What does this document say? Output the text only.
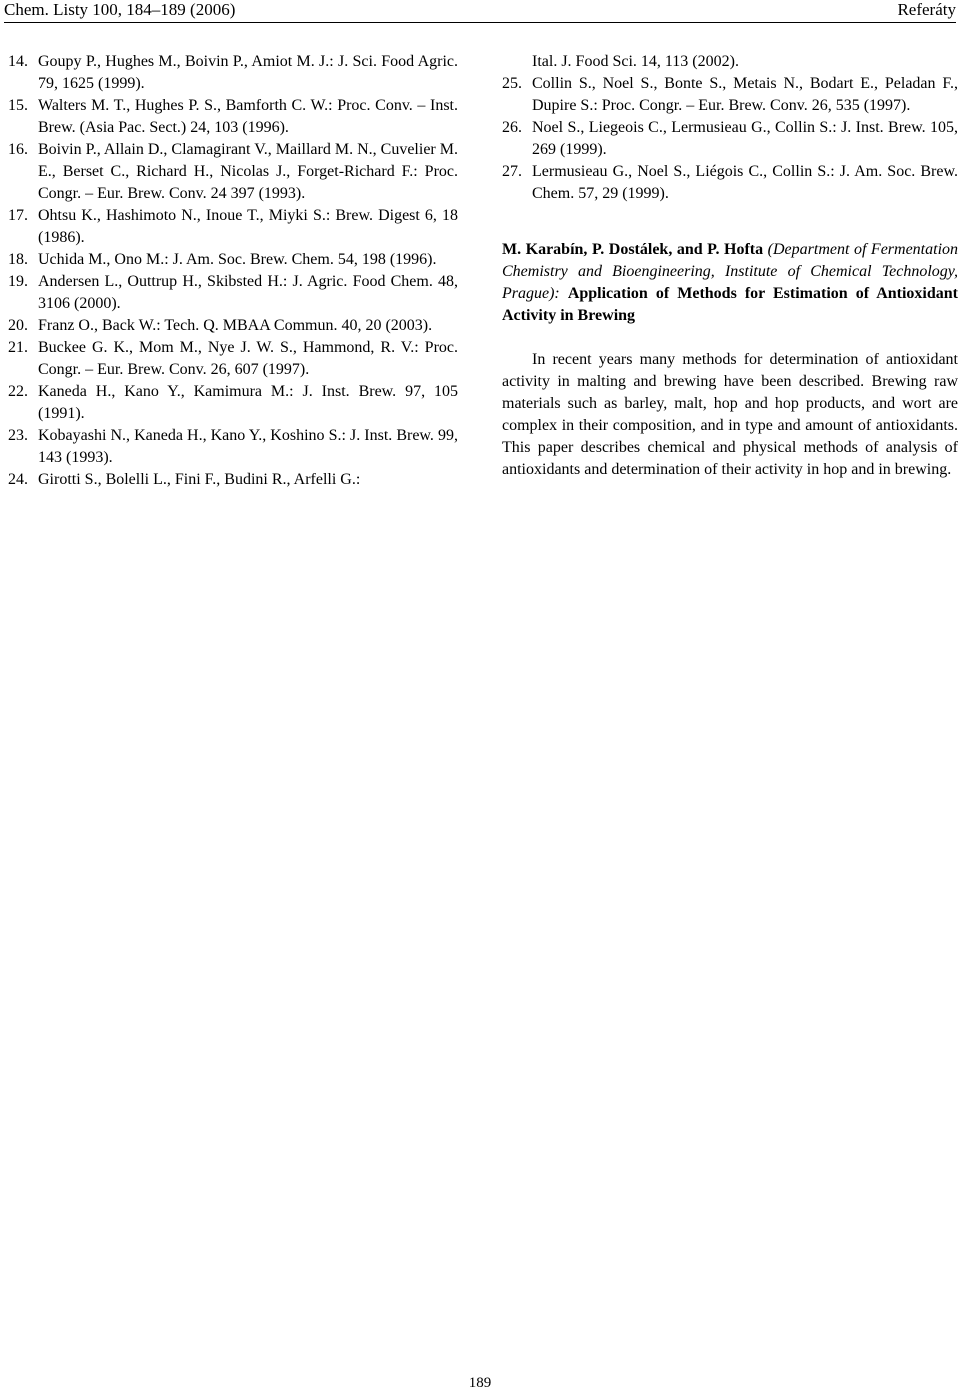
Chem. Listy 100, 184–189 (2006)	Referáty
14. Goupy P., Hughes M., Boivin P., Amiot M. J.: J. Sci. Food Agric. 79, 1625 (1999).
15. Walters M. T., Hughes P. S., Bamforth C. W.: Proc. Conv. – Inst. Brew. (Asia Pac. Sect.) 24, 103 (1996).
16. Boivin P., Allain D., Clamagirant V., Maillard M. N., Cuvelier M. E., Berset C., Richard H., Nicolas J., Forget-Richard F.: Proc. Congr. – Eur. Brew. Conv. 24 397 (1993).
17. Ohtsu K., Hashimoto N., Inoue T., Miyki S.: Brew. Digest 6, 18 (1986).
18. Uchida M., Ono M.: J. Am. Soc. Brew. Chem. 54, 198 (1996).
19. Andersen L., Outtrup H., Skibsted H.: J. Agric. Food Chem. 48, 3106 (2000).
20. Franz O., Back W.: Tech. Q. MBAA Commun. 40, 20 (2003).
21. Buckee G. K., Mom M., Nye J. W. S., Hammond, R. V.: Proc. Congr. – Eur. Brew. Conv. 26, 607 (1997).
22. Kaneda H., Kano Y., Kamimura M.: J. Inst. Brew. 97, 105 (1991).
23. Kobayashi N., Kaneda H., Kano Y., Koshino S.: J. Inst. Brew. 99, 143 (1993).
24. Girotti S., Bolelli L., Fini F., Budini R., Arfelli G.:
Ital. J. Food Sci. 14, 113 (2002).
25. Collin S., Noel S., Bonte S., Metais N., Bodart E., Peladan F., Dupire S.: Proc. Congr. – Eur. Brew. Conv. 26, 535 (1997).
26. Noel S., Liegeois C., Lermusieau G., Collin S.: J. Inst. Brew. 105, 269 (1999).
27. Lermusieau G., Noel S., Liégois C., Collin S.: J. Am. Soc. Brew. Chem. 57, 29 (1999).
M. Karabín, P. Dostálek, and P. Hofta (Department of Fermentation Chemistry and Bioengineering, Institute of Chemical Technology, Prague): Application of Methods for Estimation of Antioxidant Activity in Brewing
In recent years many methods for determination of antioxidant activity in malting and brewing have been described. Brewing raw materials such as barley, malt, hop and hop products, and wort are complex in their composition, and in type and amount of antioxidants. This paper describes chemical and physical methods of analysis of antioxidants and determination of their activity in hop and in brewing.
189
